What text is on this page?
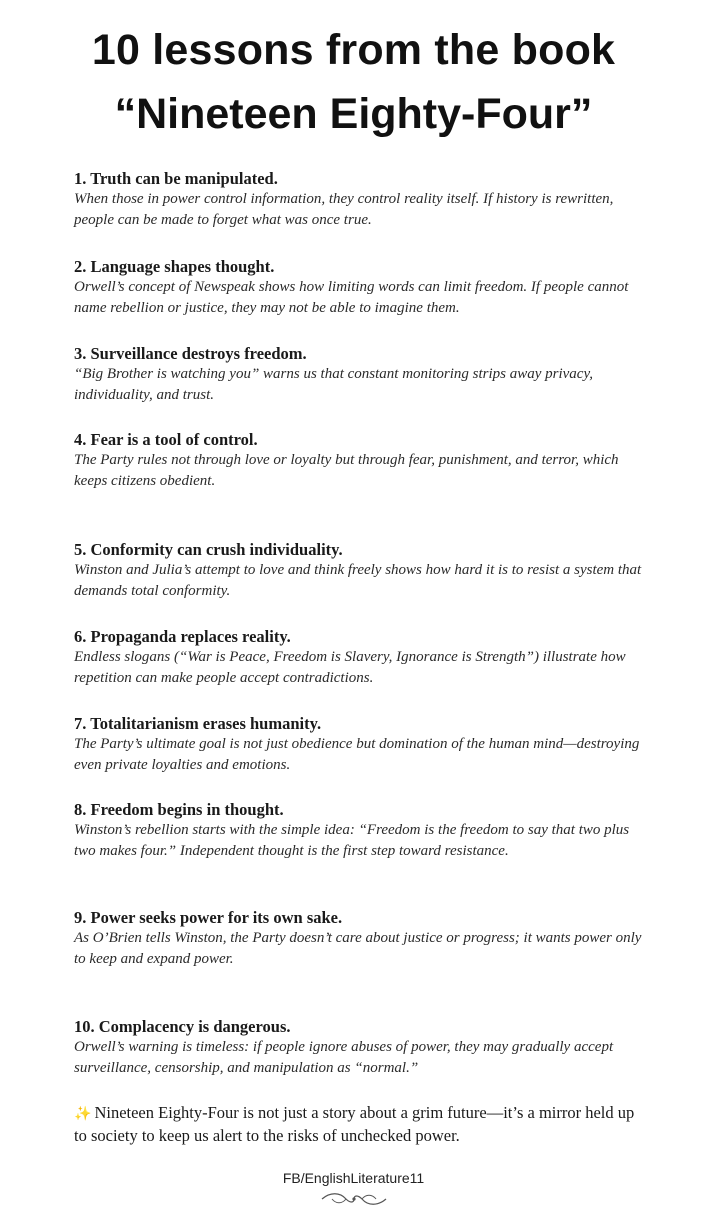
10 lessons from the book
“Nineteen Eighty-Four”
1. Truth can be manipulated.
When those in power control information, they control reality itself. If history is rewritten, people can be made to forget what was once true.
2. Language shapes thought.
Orwell’s concept of Newspeak shows how limiting words can limit freedom. If people cannot name rebellion or justice, they may not be able to imagine them.
3. Surveillance destroys freedom.
“Big Brother is watching you” warns us that constant monitoring strips away privacy, individuality, and trust.
4. Fear is a tool of control.
The Party rules not through love or loyalty but through fear, punishment, and terror, which keeps citizens obedient.
5. Conformity can crush individuality.
Winston and Julia’s attempt to love and think freely shows how hard it is to resist a system that demands total conformity.
6. Propaganda replaces reality.
Endless slogans (“War is Peace, Freedom is Slavery, Ignorance is Strength”) illustrate how repetition can make people accept contradictions.
7. Totalitarianism erases humanity.
The Party’s ultimate goal is not just obedience but domination of the human mind—destroying even private loyalties and emotions.
8. Freedom begins in thought.
Winston’s rebellion starts with the simple idea: “Freedom is the freedom to say that two plus two makes four.” Independent thought is the first step toward resistance.
9. Power seeks power for its own sake.
As O’Brien tells Winston, the Party doesn’t care about justice or progress; it wants power only to keep and expand power.
10. Complacency is dangerous.
Orwell’s warning is timeless: if people ignore abuses of power, they may gradually accept surveillance, censorship, and manipulation as “normal.”
✨ Nineteen Eighty-Four is not just a story about a grim future—it’s a mirror held up to society to keep us alert to the risks of unchecked power.
FB/EnglishLiterature11
